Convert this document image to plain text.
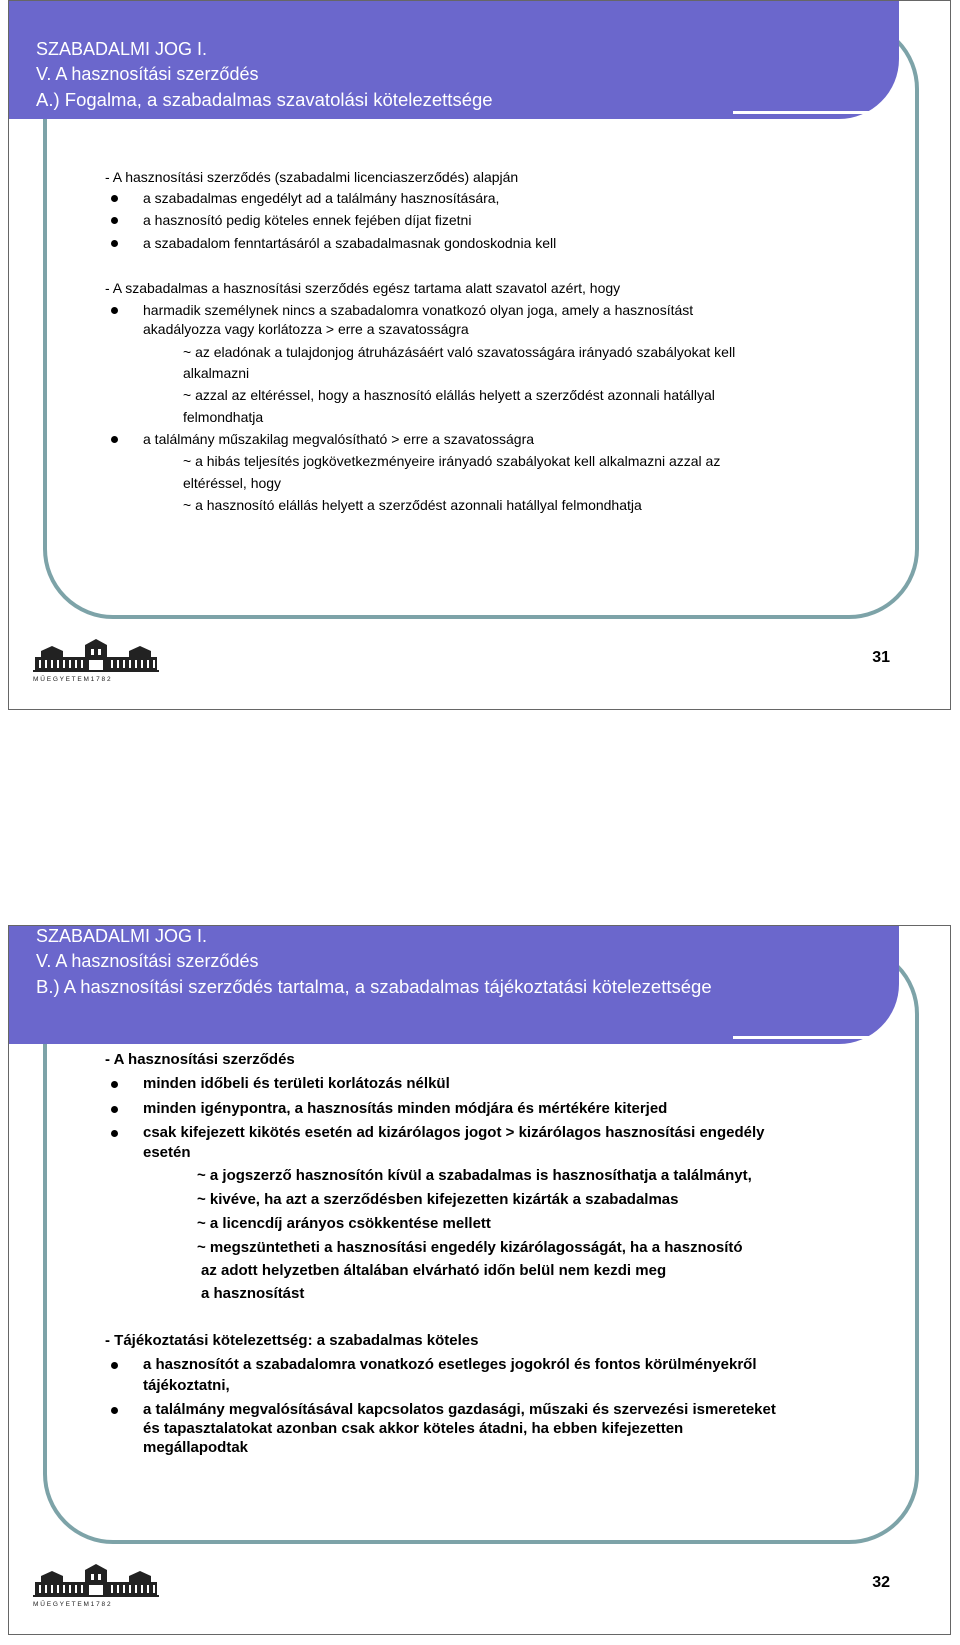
SZABADALMI JOG I.
V. A hasznosítási szerződés
A.) Fogalma, a szabadalmas szavatolási kötelezettsége
- A hasznosítási szerződés (szabadalmi licenciaszerződés) alapján
a szabadalmas engedélyt ad a találmány hasznosítására,
a hasznosító pedig köteles ennek fejében díjat fizetni
a szabadalom fenntartásáról a szabadalmasnak gondoskodnia kell
- A szabadalmas a hasznosítási szerződés egész tartama alatt szavatol azért, hogy
harmadik személynek nincs a szabadalomra vonatkozó olyan joga, amely a hasznosítást
akadályozza vagy korlátozza > erre a szavatosságra
~ az eladónak a tulajdonjog átruházásáért való szavatosságára irányadó szabályokat kell
alkalmazni
~ azzal az eltéréssel, hogy a hasznosító elállás helyett a szerződést azonnali hatállyal
felmondhatja
a találmány műszakilag megvalósítható > erre a szavatosságra
~ a hibás teljesítés jogkövetkezményeire irányadó szabályokat kell alkalmazni azzal az
eltéréssel, hogy
~ a hasznosító elállás helyett a szerződést azonnali hatállyal felmondhatja
M Ű E G Y E T E M 1 7 8 2
31
SZABADALMI JOG I.
V. A hasznosítási szerződés
B.) A hasznosítási szerződés tartalma, a szabadalmas tájékoztatási kötelezettsége
- A hasznosítási szerződés
minden időbeli és területi korlátozás nélkül
minden igénypontra, a hasznosítás minden módjára és mértékére kiterjed
csak kifejezett kikötés esetén ad kizárólagos jogot > kizárólagos hasznosítási engedély
esetén
~ a jogszerző hasznosítón kívül a szabadalmas is hasznosíthatja a találmányt,
~ kivéve, ha azt a szerződésben kifejezetten kizárták a szabadalmas
~ a licencdíj arányos csökkentése mellett
~ megszüntetheti a hasznosítási engedély kizárólagosságát, ha a hasznosító
az adott helyzetben általában elvárható időn belül nem kezdi meg
a hasznosítást
- Tájékoztatási kötelezettség: a szabadalmas köteles
a hasznosítót a szabadalomra vonatkozó esetleges jogokról és fontos körülményekről
tájékoztatni,
a találmány megvalósításával kapcsolatos gazdasági, műszaki és szervezési ismereteket
és tapasztalatokat azonban csak akkor köteles átadni, ha ebben kifejezetten
megállapodtak
M Ű E G Y E T E M 1 7 8 2
32
